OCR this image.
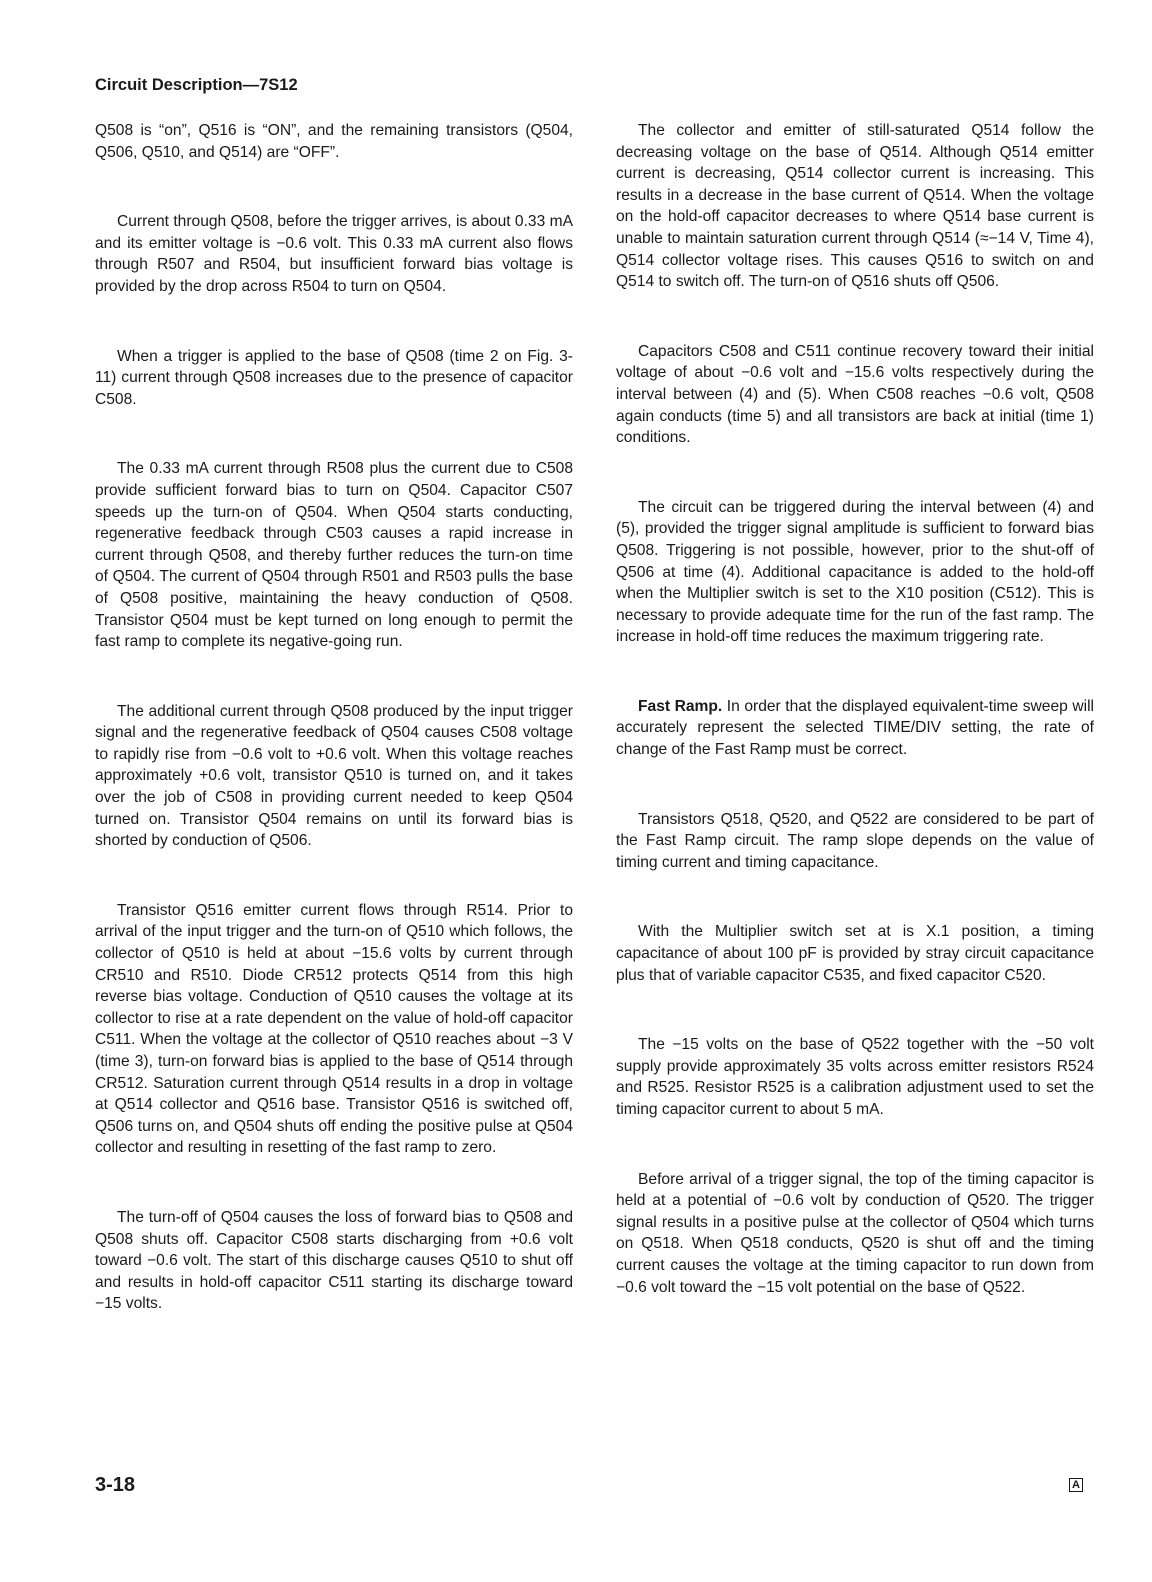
Circuit Description—7S12

Q508 is “on”, Q516 is “ON”, and the remaining transistors (Q504, Q506, Q510, and Q514) are “OFF”.

Current through Q508, before the trigger arrives, is about 0.33 mA and its emitter voltage is −0.6 volt. This 0.33 mA current also flows through R507 and R504, but insufficient forward bias voltage is provided by the drop across R504 to turn on Q504.

When a trigger is applied to the base of Q508 (time 2 on Fig. 3-11) current through Q508 increases due to the presence of capacitor C508.

The 0.33 mA current through R508 plus the current due to C508 provide sufficient forward bias to turn on Q504. Capacitor C507 speeds up the turn-on of Q504. When Q504 starts conducting, regenerative feedback through C503 causes a rapid increase in current through Q508, and thereby further reduces the turn-on time of Q504. The current of Q504 through R501 and R503 pulls the base of Q508 positive, maintaining the heavy conduction of Q508. Transistor Q504 must be kept turned on long enough to permit the fast ramp to complete its negative-going run.

The additional current through Q508 produced by the input trigger signal and the regenerative feedback of Q504 causes C508 voltage to rapidly rise from −0.6 volt to +0.6 volt. When this voltage reaches approximately +0.6 volt, transistor Q510 is turned on, and it takes over the job of C508 in providing current needed to keep Q504 turned on. Transistor Q504 remains on until its forward bias is shorted by conduction of Q506.

Transistor Q516 emitter current flows through R514. Prior to arrival of the input trigger and the turn-on of Q510 which follows, the collector of Q510 is held at about −15.6 volts by current through CR510 and R510. Diode CR512 protects Q514 from this high reverse bias voltage. Conduction of Q510 causes the voltage at its collector to rise at a rate dependent on the value of hold-off capacitor C511. When the voltage at the collector of Q510 reaches about −3 V (time 3), turn-on forward bias is applied to the base of Q514 through CR512. Saturation current through Q514 results in a drop in voltage at Q514 collector and Q516 base. Transistor Q516 is switched off, Q506 turns on, and Q504 shuts off ending the positive pulse at Q504 collector and resulting in resetting of the fast ramp to zero.

The turn-off of Q504 causes the loss of forward bias to Q508 and Q508 shuts off. Capacitor C508 starts discharging from +0.6 volt toward −0.6 volt. The start of this discharge causes Q510 to shut off and results in hold-off capacitor C511 starting its discharge toward −15 volts.

The collector and emitter of still-saturated Q514 follow the decreasing voltage on the base of Q514. Although Q514 emitter current is decreasing, Q514 collector current is increasing. This results in a decrease in the base current of Q514. When the voltage on the hold-off capacitor decreases to where Q514 base current is unable to maintain saturation current through Q514 (≈−14 V, Time 4), Q514 collector voltage rises. This causes Q516 to switch on and Q514 to switch off. The turn-on of Q516 shuts off Q506.

Capacitors C508 and C511 continue recovery toward their initial voltage of about −0.6 volt and −15.6 volts respectively during the interval between (4) and (5). When C508 reaches −0.6 volt, Q508 again conducts (time 5) and all transistors are back at initial (time 1) conditions.

The circuit can be triggered during the interval between (4) and (5), provided the trigger signal amplitude is sufficient to forward bias Q508. Triggering is not possible, however, prior to the shut-off of Q506 at time (4). Additional capacitance is added to the hold-off when the Multiplier switch is set to the X10 position (C512). This is necessary to provide adequate time for the run of the fast ramp. The increase in hold-off time reduces the maximum triggering rate.

Fast Ramp. In order that the displayed equivalent-time sweep will accurately represent the selected TIME/DIV setting, the rate of change of the Fast Ramp must be correct.

Transistors Q518, Q520, and Q522 are considered to be part of the Fast Ramp circuit. The ramp slope depends on the value of timing current and timing capacitance.

With the Multiplier switch set at is X.1 position, a timing capacitance of about 100 pF is provided by stray circuit capacitance plus that of variable capacitor C535, and fixed capacitor C520.

The −15 volts on the base of Q522 together with the −50 volt supply provide approximately 35 volts across emitter resistors R524 and R525. Resistor R525 is a calibration adjustment used to set the timing capacitor current to about 5 mA.

Before arrival of a trigger signal, the top of the timing capacitor is held at a potential of −0.6 volt by conduction of Q520. The trigger signal results in a positive pulse at the collector of Q504 which turns on Q518. When Q518 conducts, Q520 is shut off and the timing current causes the voltage at the timing capacitor to run down from −0.6 volt toward the −15 volt potential on the base of Q522.

3-18	A
